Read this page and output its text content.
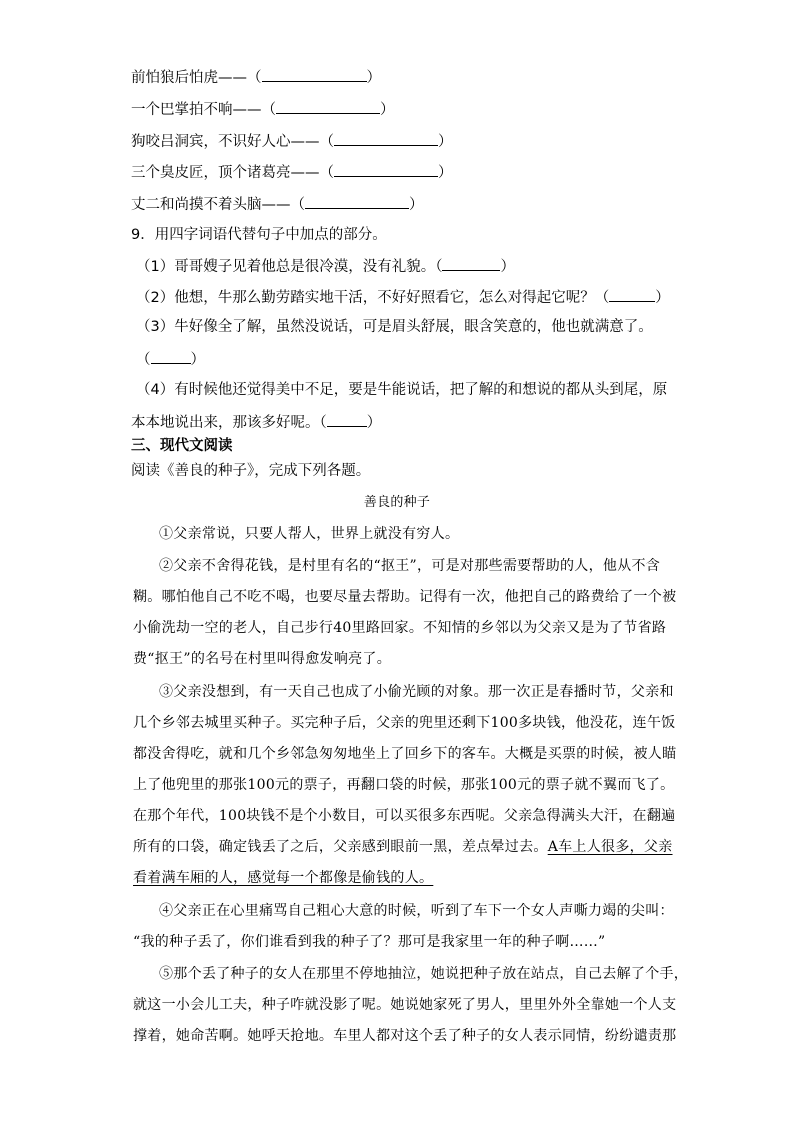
前怕狼后怕虎——（	）
一个巴掌拍不响——（	）
狗咬吕洞宾，不识好人心——（	）
三个臭皮匠，顶个诸葛亮——（	）
丈二和尚摸不着头脑——（	）
9．用四字词语代替句子中加点的部分。
（1）哥哥嫂子见着他总是很冷漠，没有礼貌。（	）
（2）他想，牛那么勤劳踏实地干活，不好好照看它，怎么对得起它呢？（	）
（3）牛好像全了解，虽然没说话，可是眉头舒展，眼含笑意的，他也就满意了。
（	）
（4）有时候他还觉得美中不足，要是牛能说话，把了解的和想说的都从头到尾，原
本本地说出来，那该多好呢。（	）
三、现代文阅读
阅读《善良的种子》，完成下列各题。
善良的种子
①父亲常说，只要人帮人，世界上就没有穷人。
②父亲不舍得花钱，是村里有名的“抠王”，可是对那些需要帮助的人，他从不含
糊。哪怕他自己不吃不喝，也要尽量去帮助。记得有一次，他把自己的路费给了一个被
小偷洗劫一空的老人，自己步行40里路回家。不知情的乡邻以为父亲又是为了节省路
费“抠王”的名号在村里叫得愈发响亮了。
③父亲没想到，有一天自己也成了小偷光顾的对象。那一次正是春播时节，父亲和
几个乡邻去城里买种子。买完种子后，父亲的兜里还剩下100多块钱，他没花，连午饭
都没舍得吃，就和几个乡邻急匆匆地坐上了回乡下的客车。大概是买票的时候，被人瞄
上了他兜里的那张100元的票子，再翻口袋的时候，那张100元的票子就不翼而飞了。
在那个年代，100块钱不是个小数目，可以买很多东西呢。父亲急得满头大汗，在翻遍
所有的口袋，确定钱丢了之后，父亲感到眼前一黑，差点晕过去。A车上人很多，父亲
看着满车厢的人，感觉每一个都像是偷钱的人。
④父亲正在心里痛骂自己粗心大意的时候，听到了车下一个女人声嘶力竭的尖叫：
“我的种子丢了，你们谁看到我的种子了？那可是我家里一年的种子啊……”
⑤那个丢了种子的女人在那里不停地抽泣，她说把种子放在站点，自己去解了个手，
就这一小会儿工夫，种子咋就没影了呢。她说她家死了男人，里里外外全靠她一个人支
撑着，她命苦啊。她呼天抢地。车里人都对这个丢了种子的女人表示同情，纷纷谴责那
